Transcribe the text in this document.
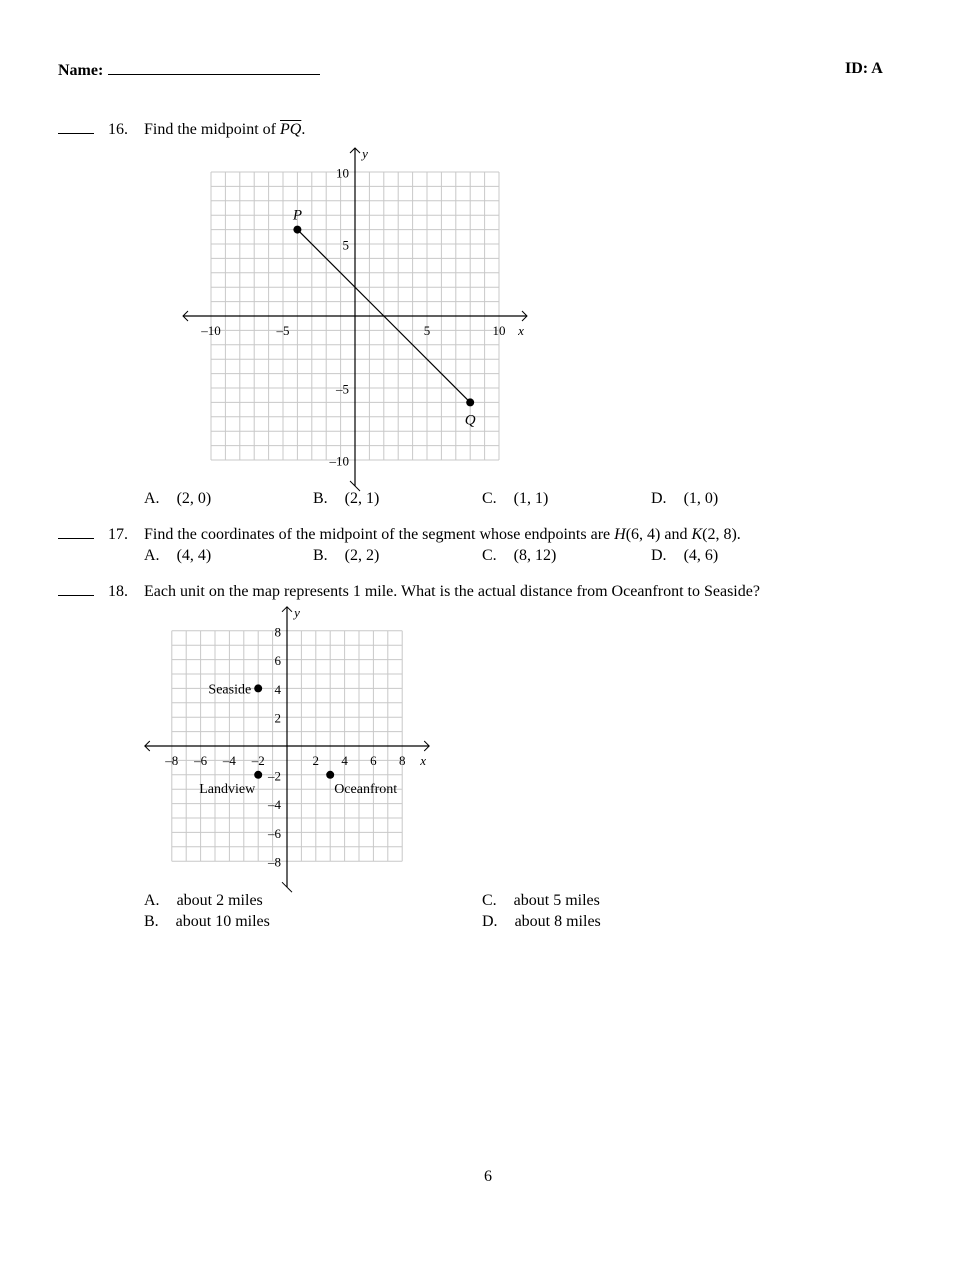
Name:	ID: A
16. Find the midpoint of $\overline{PQ}$.
x
y
–10	–5	5	10
10
5
–5
–10
P
Q
A. (2, 0)	B. (2, 1)	C. (1, 1)	D. (1, 0)
17. Find the coordinates of the midpoint of the segment whose endpoints are H(6, 4) and K(2, 8).
A. (4, 4)	B. (2, 2)	C. (8, 12)	D. (4, 6)
18. Each unit on the map represents 1 mile. What is the actual distance from Oceanfront to Seaside?
x
y
–8 –6 –4 –2	2 4 6 8
8
6
4
2
–2
–4
–6
–8
Seaside
Landview	Oceanfront
A. about 2 miles
B. about 10 miles
C. about 5 miles
D. about 8 miles
6
